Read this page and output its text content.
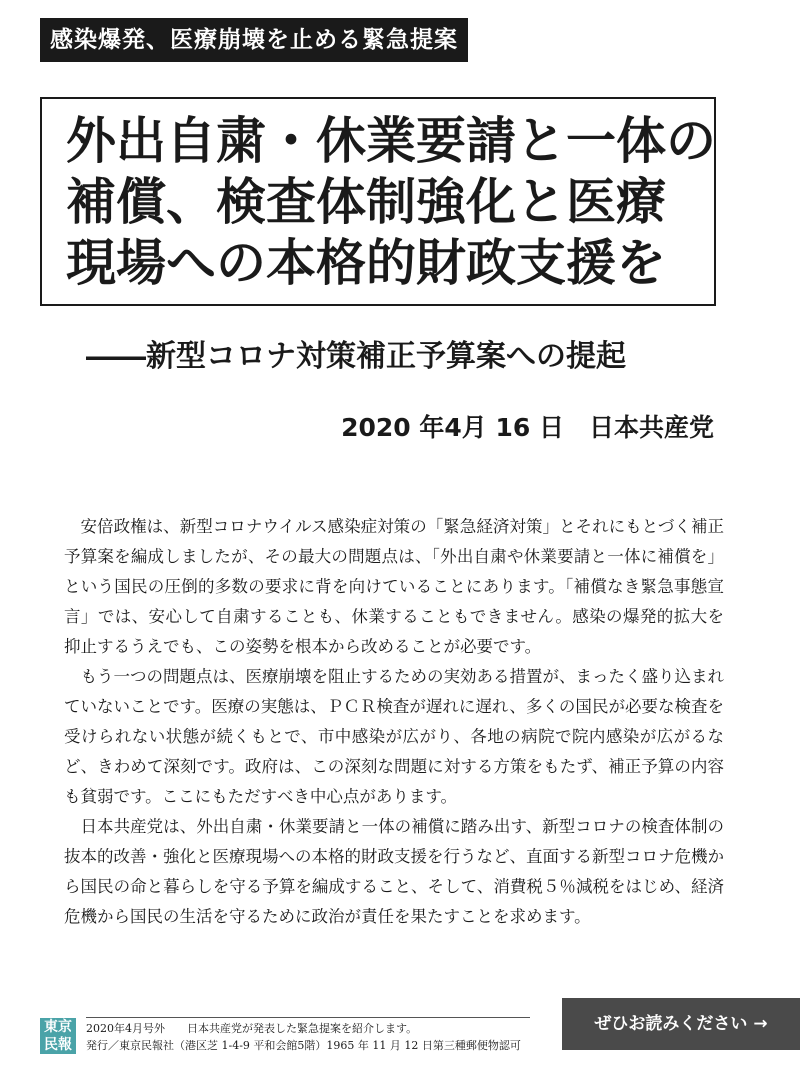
感染爆発、医療崩壊を止める緊急提案
外出自粛・休業要請と一体の
補償、検査体制強化と医療
現場への本格的財政支援を
――新型コロナ対策補正予算案への提起
2020 年4月 16 日　日本共産党

安倍政権は、新型コロナウイルス感染症対策の「緊急経済対策」とそれにもとづく補正予算案を編成しましたが、その最大の問題点は、「外出自粛や休業要請と一体に補償を」という国民の圧倒的多数の要求に背を向けていることにあります。「補償なき緊急事態宣言」では、安心して自粛することも、休業することもできません。感染の爆発的拡大を抑止するうえでも、この姿勢を根本から改めることが必要です。

もう一つの問題点は、医療崩壊を阻止するための実効ある措置が、まったく盛り込まれていないことです。医療の実態は、ＰＣＲ検査が遅れに遅れ、多くの国民が必要な検査を受けられない状態が続くもとで、市中感染が広がり、各地の病院で院内感染が広がるなど、きわめて深刻です。政府は、この深刻な問題に対する方策をもたず、補正予算の内容も貧弱です。ここにもただすべき中心点があります。

日本共産党は、外出自粛・休業要請と一体の補償に踏み出す、新型コロナの検査体制の抜本的改善・強化と医療現場への本格的財政支援を行うなど、直面する新型コロナ危機から国民の命と暮らしを守る予算を編成すること、そして、消費税５％減税をはじめ、経済危機から国民の生活を守るために政治が責任を果たすことを求めます。

東京
民報
2020年4月号外　　日本共産党が発表した緊急提案を紹介します。
発行／東京民報社（港区芝 1-4-9 平和会館5階）1965 年 11 月 12 日第三種郵便物認可
ぜひお読みください →
